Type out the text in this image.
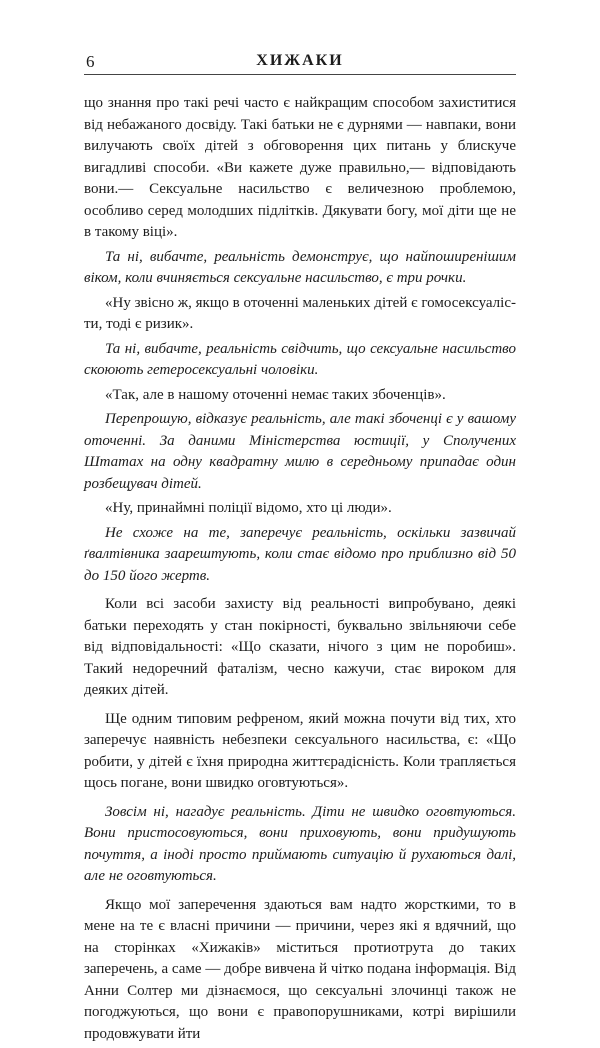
6	ХИЖАКИ

що знання про такі речі часто є найкращим способом захиститися від небажаного досвіду. Такі батьки не є дурнями — навпаки, вони вилучають своїх дітей з обговорення цих питань у блискуче вигадливі способи. «Ви кажете дуже правильно,— відповідають вони.— Сексуальне насильство є величезною проблемою, особливо серед молодших підлітків. Дякувати богу, мої діти ще не в такому віці».

Та ні, вибачте, реальність демонструє, що найпоширенішим віком, коли вчиняється сексуальне насильство, є три рочки.

«Ну звісно ж, якщо в оточенні маленьких дітей є гомосексуалісти, тоді є ризик».

Та ні, вибачте, реальність свідчить, що сексуальне насильство скоюють гетеросексуальні чоловіки.

«Так, але в нашому оточенні немає таких збоченців».

Перепрошую, відказує реальність, але такі збоченці є у вашому оточенні. За даними Міністерства юстиції, у Сполучених Штатах на одну квадратну милю в середньому припадає один розбещувач дітей.

«Ну, принаймні поліції відомо, хто ці люди».

Не схоже на те, заперечує реальність, оскільки зазвичай ґвалтівника заарештують, коли стає відомо про приблизно від 50 до 150 його жертв.

Коли всі засоби захисту від реальності випробувано, деякі батьки переходять у стан покірності, буквально звільняючи себе від відповідальності: «Що сказати, нічого з цим не поробиш». Такий недоречний фаталізм, чесно кажучи, стає вироком для деяких дітей.

Ще одним типовим рефреном, який можна почути від тих, хто заперечує наявність небезпеки сексуального насильства, є: «Що робити, у дітей є їхня природна життєрадісність. Коли трапляється щось погане, вони швидко оговтуються».

Зовсім ні, нагадує реальність. Діти не швидко оговтуються. Вони пристосовуються, вони приховують, вони придушують почуття, а іноді просто приймають ситуацію й рухаються далі, але не оговтуються.

Якщо мої заперечення здаються вам надто жорсткими, то в мене на те є власні причини — причини, через які я вдячний, що на сторінках «Хижаків» міститься протиотрута до таких заперечень, а саме — добре вивчена й чітко подана інформація. Від Анни Солтер ми дізнаємося, що сексуальні злочинці також не погоджуються, що вони є правопорушниками, котрі вирішили продовжувати йти
